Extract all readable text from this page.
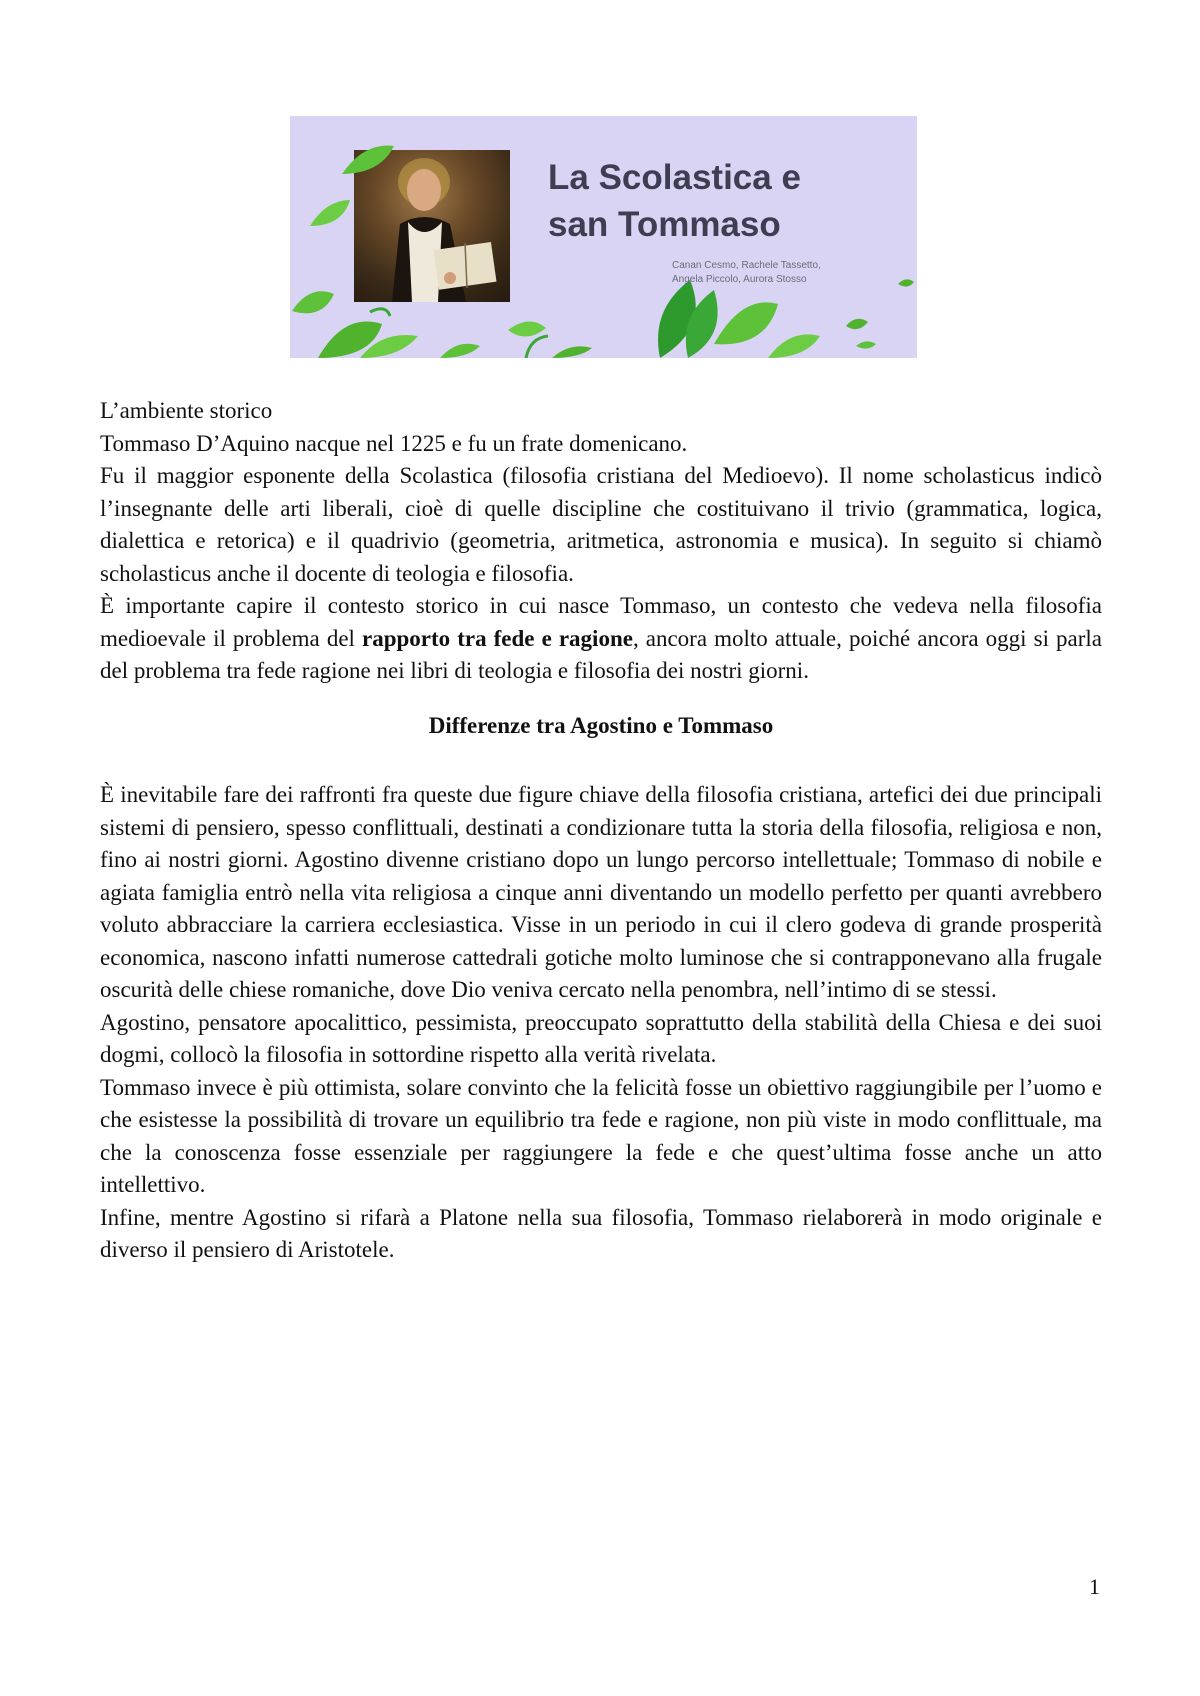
La Scolastica e
san Tommaso
Canan Cesmo, Rachele Tassetto,
Angela Piccolo, Aurora Stosso

L’ambiente storico

Tommaso D’Aquino nacque nel 1225 e fu un frate domenicano.

Fu il maggior esponente della Scolastica (filosofia cristiana del Medioevo). Il nome scholasticus indicò l’insegnante delle arti liberali, cioè di quelle discipline che costituivano il trivio (grammatica, logica, dialettica e retorica) e il quadrivio (geometria, aritmetica, astronomia e musica). In seguito si chiamò scholasticus anche il docente di teologia e filosofia.

È importante capire il contesto storico in cui nasce Tommaso, un contesto che vedeva nella filosofia medioevale il problema del rapporto tra fede e ragione, ancora molto attuale, poiché ancora oggi si parla del problema tra fede ragione nei libri di teologia e filosofia dei nostri giorni.

Differenze tra Agostino e Tommaso

È inevitabile fare dei raffronti fra queste due figure chiave della filosofia cristiana, artefici dei due principali sistemi di pensiero, spesso conflittuali, destinati a condizionare tutta la storia della filosofia, religiosa e non, fino ai nostri giorni. Agostino divenne cristiano dopo un lungo percorso intellettuale; Tommaso di nobile e agiata famiglia entrò nella vita religiosa a cinque anni diventando un modello perfetto per quanti avrebbero voluto abbracciare la carriera ecclesiastica. Visse in un periodo in cui il clero godeva di grande prosperità economica, nascono infatti numerose cattedrali gotiche molto luminose che si contrapponevano alla frugale oscurità delle chiese romaniche, dove Dio veniva cercato nella penombra, nell’intimo di se stessi.

Agostino, pensatore apocalittico, pessimista, preoccupato soprattutto della stabilità della Chiesa e dei suoi dogmi, collocò la filosofia in sottordine rispetto alla verità rivelata.

Tommaso invece è più ottimista, solare convinto che la felicità fosse un obiettivo raggiungibile per l’uomo e che esistesse la possibilità di trovare un equilibrio tra fede e ragione, non più viste in modo conflittuale, ma che la conoscenza fosse essenziale per raggiungere la fede e che quest’ultima fosse anche un atto intellettivo.

Infine, mentre Agostino si rifarà a Platone nella sua filosofia, Tommaso rielaborerà in modo originale e diverso il pensiero di Aristotele.

1
